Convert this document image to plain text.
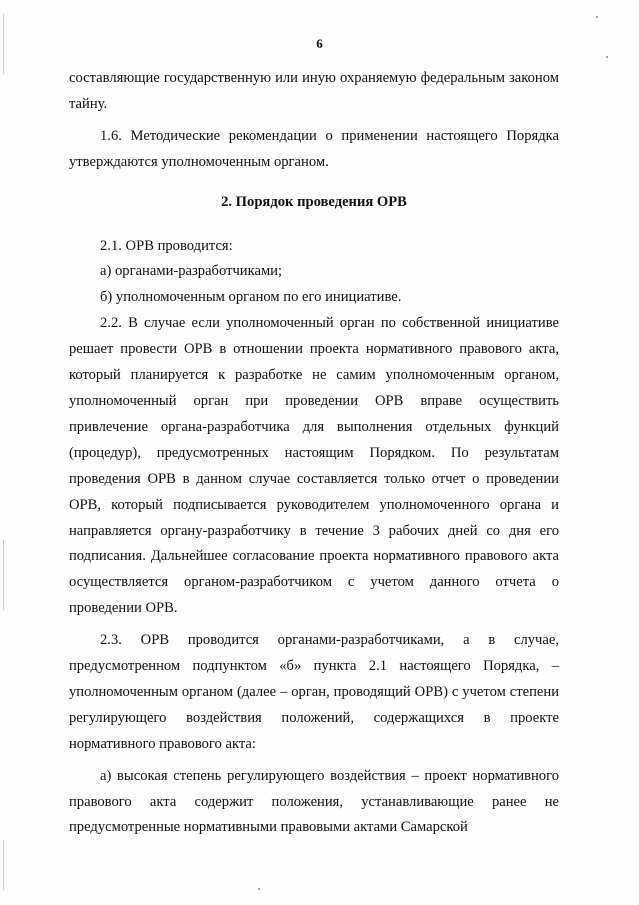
6

составляющие государственную или иную охраняемую федеральным законом тайну.

1.6. Методические рекомендации о применении настоящего Порядка утверждаются уполномоченным органом.

2. Порядок проведения ОРВ

2.1. ОРВ проводится:

а) органами-разработчиками;

б) уполномоченным органом по его инициативе.

2.2. В случае если уполномоченный орган по собственной инициативе решает провести ОРВ в отношении проекта нормативного правового акта, который планируется к разработке не самим уполномоченным органом, уполномоченный орган при проведении ОРВ вправе осуществить привлечение органа-разработчика для выполнения отдельных функций (процедур), предусмотренных настоящим Порядком. По результатам проведения ОРВ в данном случае составляется только отчет о проведении ОРВ, который подписывается руководителем уполномоченного органа и направляется органу-разработчику в течение 3 рабочих дней со дня его подписания. Дальнейшее согласование проекта нормативного правового акта осуществляется органом-разработчиком с учетом данного отчета о проведении ОРВ.

2.3. ОРВ проводится органами-разработчиками, а в случае, предусмотренном подпунктом «б» пункта 2.1 настоящего Порядка, – уполномоченным органом (далее – орган, проводящий ОРВ) с учетом степени регулирующего воздействия положений, содержащихся в проекте нормативного правового акта:

а) высокая степень регулирующего воздействия – проект нормативного правового акта содержит положения, устанавливающие ранее не предусмотренные нормативными правовыми актами Самарской
